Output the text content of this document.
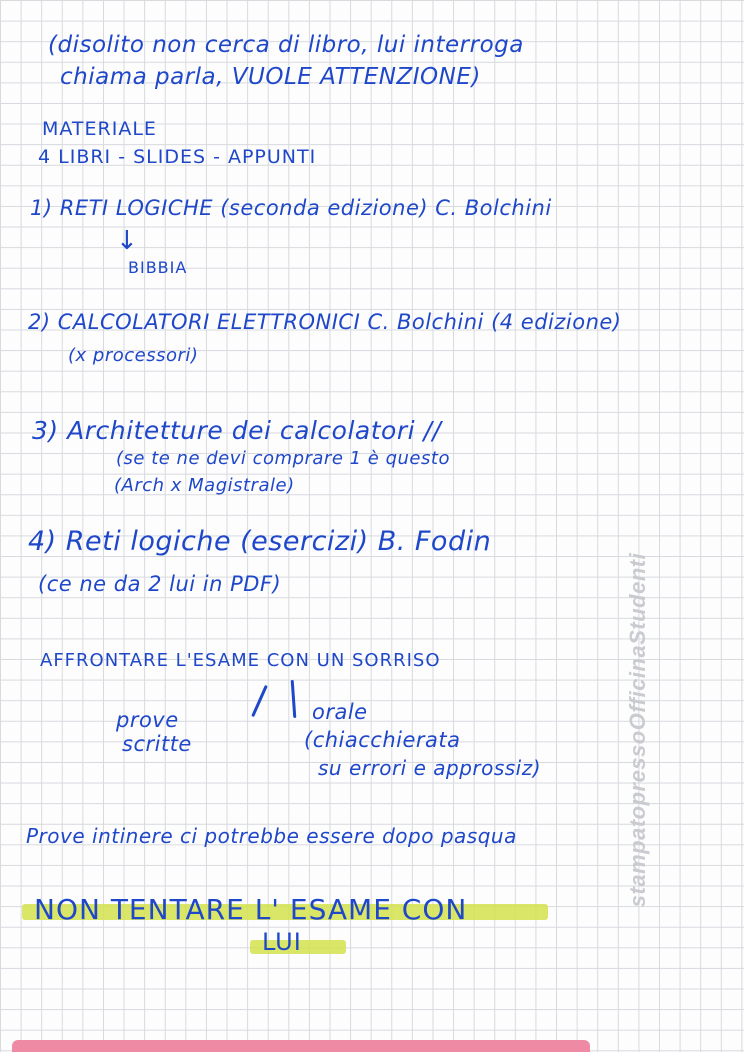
(disolito non cerca di libro, lui interroga
chiama parla, VUOLE ATTENZIONE)
MATERIALE
4 LIBRI - SLIDES - APPUNTI
1) RETI LOGICHE (seconda edizione) C. Bolchini
↓
BIBBIA
2) CALCOLATORI ELETTRONICI C. Bolchini (4 edizione)
(x processori)
3) Architetture dei calcolatori //
(se te ne devi comprare 1 è questo
(Arch x Magistrale)
4) Reti logiche (esercizi) B. Fodin
(ce ne da 2 lui in PDF)
AFFRONTARE L'ESAME CON UN SORRISO
prove
scritte
orale
(chiacchierata
su errori e approssiz)
Prove intinere ci potrebbe essere dopo pasqua
NON TENTARE L' ESAME CON
LUI
stampatopressoOfficinaStudenti
